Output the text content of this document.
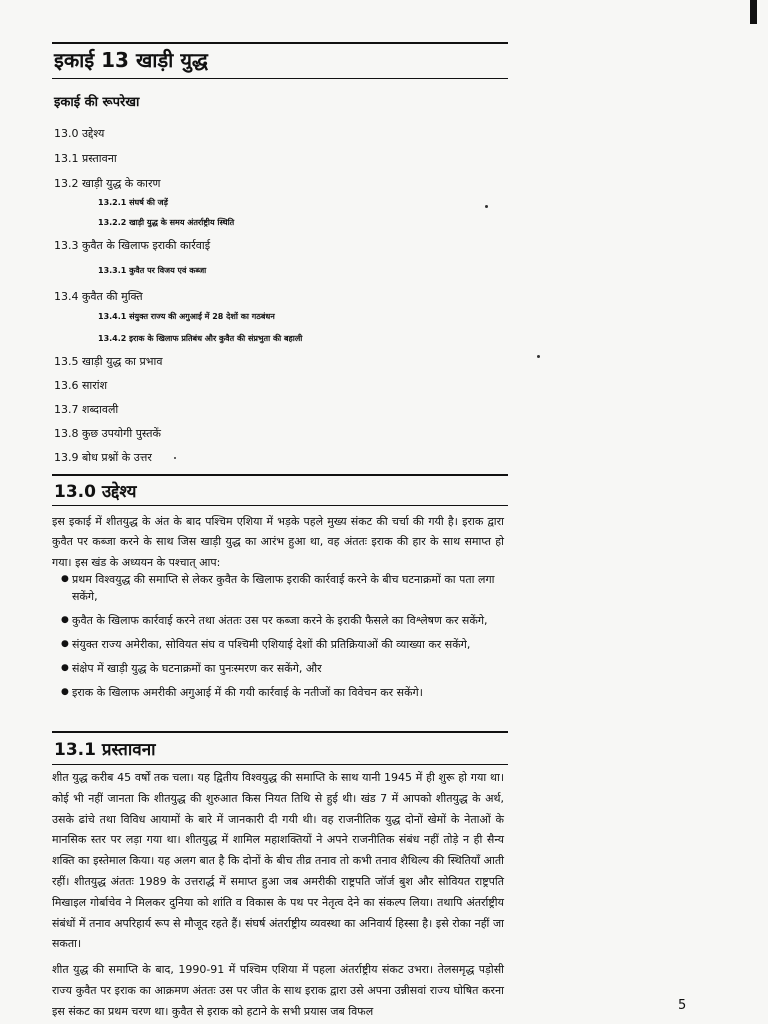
इकाई 13 खाड़ी युद्ध
इकाई की रूपरेखा
13.0 उद्देश्य
13.1 प्रस्तावना
13.2 खाड़ी युद्ध के कारण
13.2.1 संघर्ष की जड़ें
13.2.2 खाड़ी युद्ध के समय अंतर्राष्ट्रीय स्थिति
13.3 कुवैत के खिलाफ इराकी कार्रवाई
13.3.1 कुवैत पर विजय एवं कब्जा
13.4 कुवैत की मुक्ति
13.4.1 संयुक्त राज्य की अगुआई में 28 देशों का गठबंधन
13.4.2 इराक के खिलाफ प्रतिबंध और कुवैत की संप्रभुता की बहाली
13.5 खाड़ी युद्ध का प्रभाव
13.6 सारांश
13.7 शब्दावली
13.8 कुछ उपयोगी पुस्तकें
13.9 बोध प्रश्नों के उत्तर
13.0 उद्देश्य
इस इकाई में शीतयुद्ध के अंत के बाद पश्चिम एशिया में भड़के पहले मुख्य संकट की चर्चा की गयी है। इराक द्वारा कुवैत पर कब्जा करने के साथ जिस खाड़ी युद्ध का आरंभ हुआ था, वह अंततः इराक की हार के साथ समाप्त हो गया। इस खंड के अध्ययन के पश्चात् आप:
● प्रथम विश्वयुद्ध की समाप्ति से लेकर कुवैत के खिलाफ इराकी कार्रवाई करने के बीच घटनाक्रमों का पता लगा सकेंगे,
● कुवैत के खिलाफ कार्रवाई करने तथा अंततः उस पर कब्जा करने के इराकी फैसले का विश्लेषण कर सकेंगे,
● संयुक्त राज्य अमेरीका, सोवियत संघ व पश्चिमी एशियाई देशों की प्रतिक्रियाओं की व्याख्या कर सकेंगे,
● संक्षेप में खाड़ी युद्ध के घटनाक्रमों का पुनःस्मरण कर सकेंगे, और
● इराक के खिलाफ अमरीकी अगुआई में की गयी कार्रवाई के नतीजों का विवेचन कर सकेंगे।
13.1 प्रस्तावना
शीत युद्ध करीब 45 वर्षों तक चला। यह द्वितीय विश्वयुद्ध की समाप्ति के साथ यानी 1945 में ही शुरू हो गया था। कोई भी नहीं जानता कि शीतयुद्ध की शुरुआत किस नियत तिथि से हुई थी। खंड 7 में आपको शीतयुद्ध के अर्थ, उसके ढांचे तथा विविध आयामों के बारे में जानकारी दी गयी थी। वह राजनीतिक युद्ध दोनों खेमों के नेताओं के मानसिक स्तर पर लड़ा गया था। शीतयुद्ध में शामिल महाशक्तियों ने अपने राजनीतिक संबंध नहीं तोड़े न ही सैन्य शक्ति का इस्तेमाल किया। यह अलग बात है कि दोनों के बीच तीव्र तनाव तो कभी तनाव शैथिल्य की स्थितियाँ आती रहीं। शीतयुद्ध अंततः 1989 के उत्तरार्द्ध में समाप्त हुआ जब अमरीकी राष्ट्रपति जॉर्ज बुश और सोवियत राष्ट्रपति मिखाइल गोर्बाचेव ने मिलकर दुनिया को शांति व विकास के पथ पर नेतृत्व देने का संकल्प लिया। तथापि अंतर्राष्ट्रीय संबंधों में तनाव अपरिहार्य रूप से मौजूद रहते हैं। संघर्ष अंतर्राष्ट्रीय व्यवस्था का अनिवार्य हिस्सा है। इसे रोका नहीं जा सकता।
शीत युद्ध की समाप्ति के बाद, 1990-91 में पश्चिम एशिया में पहला अंतर्राष्ट्रीय संकट उभरा। तेलसमृद्ध पड़ोसी राज्य कुवैत पर इराक का आक्रमण अंततः उस पर जीत के साथ इराक द्वारा उसे अपना उन्नीसवां राज्य घोषित करना इस संकट का प्रथम चरण था। कुवैत से इराक को हटाने के सभी प्रयास जब विफल	5
